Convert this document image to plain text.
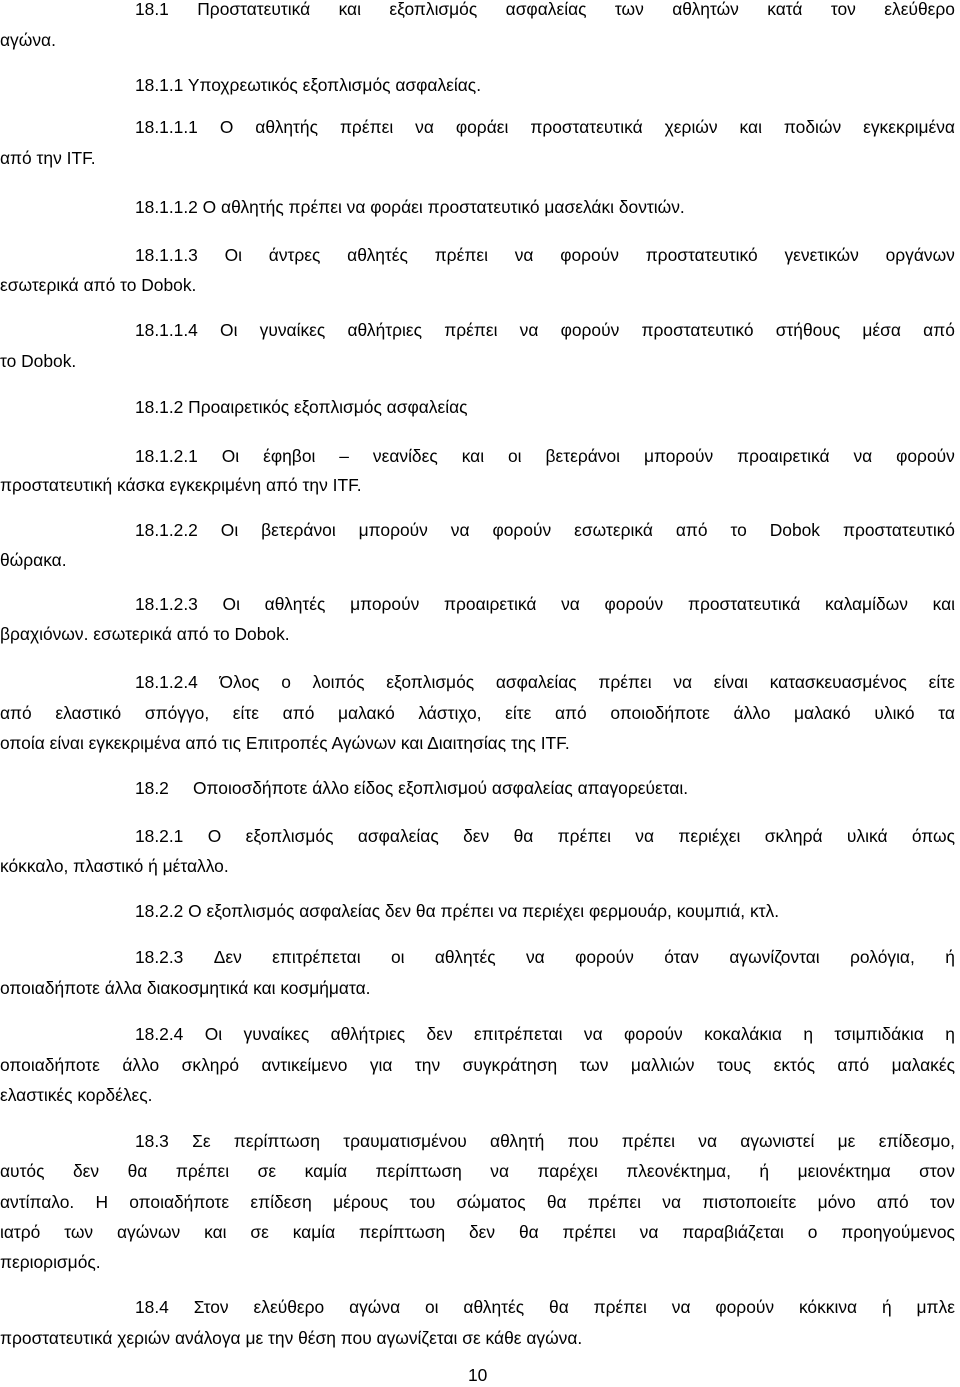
18.1 Προστατευτικά και εξοπλισμός ασφαλείας των αθλητών κατά τον ελεύθερο
αγώνα.
18.1.1 Υποχρεωτικός εξοπλισμός ασφαλείας.
18.1.1.1 Ο αθλητής πρέπει να φοράει προστατευτικά χεριών και ποδιών εγκεκριμένα
από την ITF.
18.1.1.2 Ο αθλητής πρέπει να φοράει προστατευτικό μασελάκι δοντιών.
18.1.1.3 Οι άντρες αθλητές πρέπει να φορούν προστατευτικό γενετικών οργάνων
εσωτερικά από το Dobok.
18.1.1.4 Οι γυναίκες αθλήτριες πρέπει να φορούν προστατευτικό στήθους μέσα από
το Dobok.
18.1.2 Προαιρετικός εξοπλισμός ασφαλείας
18.1.2.1 Οι έφηβοι – νεανίδες και οι βετεράνοι μπορούν προαιρετικά να φορούν
προστατευτική κάσκα εγκεκριμένη από την ITF.
18.1.2.2 Οι βετεράνοι μπορούν να φορούν εσωτερικά από το Dobok προστατευτικό
θώρακα.
18.1.2.3 Οι αθλητές μπορούν προαιρετικά να φορούν προστατευτικά καλαμίδων και
βραχιόνων. εσωτερικά από το Dobok.
18.1.2.4 Όλος ο λοιπός εξοπλισμός ασφαλείας πρέπει να είναι κατασκευασμένος είτε
από ελαστικό σπόγγο, είτε από μαλακό λάστιχο, είτε από οποιοδήποτε άλλο μαλακό υλικό τα
οποία είναι εγκεκριμένα από τις Επιτροπές Αγώνων και Διαιτησίας της ITF.
18.2     Οποιοσδήποτε άλλο είδος εξοπλισμού ασφαλείας απαγορεύεται.
18.2.1 Ο εξοπλισμός ασφαλείας δεν θα πρέπει να περιέχει σκληρά υλικά όπως
κόκκαλο, πλαστικό ή μέταλλο.
18.2.2 Ο εξοπλισμός ασφαλείας δεν θα πρέπει να περιέχει φερμουάρ, κουμπιά, κτλ.
18.2.3 Δεν επιτρέπεται οι αθλητές να φορούν όταν αγωνίζονται ρολόγια, ή
οποιαδήποτε άλλα διακοσμητικά και κοσμήματα.
18.2.4 Οι γυναίκες αθλήτριες δεν επιτρέπεται να φορούν κοκαλάκια η τσιμπιδάκια η
οποιαδήποτε άλλο σκληρό αντικείμενο για την συγκράτηση των μαλλιών τους εκτός από μαλακές
ελαστικές κορδέλες.
18.3 Σε περίπτωση τραυματισμένου αθλητή που πρέπει να αγωνιστεί με επίδεσμο,
αυτός δεν θα πρέπει σε καμία περίπτωση να παρέχει πλεονέκτημα, ή μειονέκτημα στον
αντίπαλο. Η οποιαδήποτε επίδεση μέρους του σώματος θα πρέπει να πιστοποιείτε μόνο από τον
ιατρό των αγώνων και σε καμία περίπτωση δεν θα πρέπει να παραβιάζεται ο προηγούμενος
περιορισμός.
18.4 Στον ελεύθερο αγώνα οι αθλητές θα πρέπει να φορούν κόκκινα ή μπλε
προστατευτικά χεριών ανάλογα με την θέση που αγωνίζεται σε κάθε αγώνα.
10
